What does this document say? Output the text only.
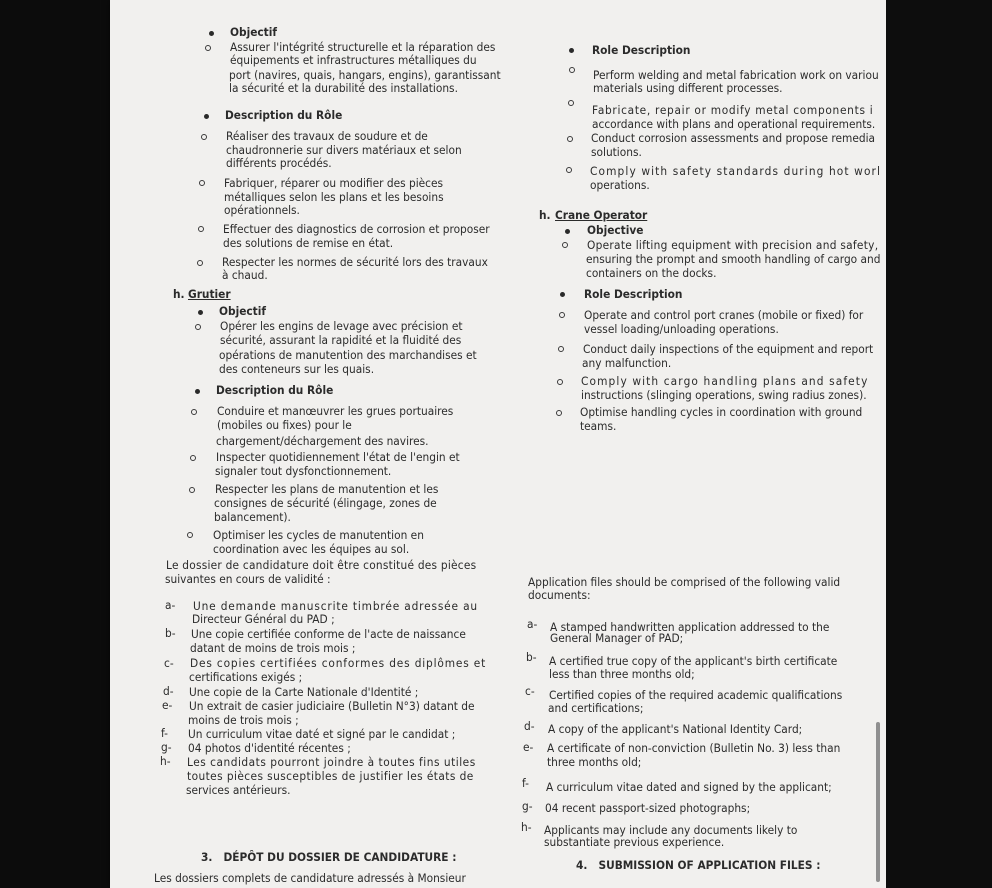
Objectif
Assurer l'intégrité structurelle et la réparation des
équipements et infrastructures métalliques du
port (navires, quais, hangars, engins), garantissant
la sécurité et la durabilité des installations.
Description du Rôle
Réaliser des travaux de soudure et de
chaudronnerie sur divers matériaux et selon
différents procédés.
Fabriquer, réparer ou modifier des pièces
métalliques selon les plans et les besoins
opérationnels.
Effectuer des diagnostics de corrosion et proposer
des solutions de remise en état.
Respecter les normes de sécurité lors des travaux
à chaud.
h. Grutier
Objectif
Opérer les engins de levage avec précision et
sécurité, assurant la rapidité et la fluidité des
opérations de manutention des marchandises et
des conteneurs sur les quais.
Description du Rôle
Conduire et manœuvrer les grues portuaires
(mobiles ou fixes) pour le
chargement/déchargement des navires.
Inspecter quotidiennement l'état de l'engin et
signaler tout dysfonctionnement.
Respecter les plans de manutention et les
consignes de sécurité (élingage, zones de
balancement).
Optimiser les cycles de manutention en
coordination avec les équipes au sol.
Le dossier de candidature doit être constitué des pièces
suivantes en cours de validité :
a- Une demande manuscrite timbrée adressée au
Directeur Général du PAD ;
b- Une copie certifiée conforme de l'acte de naissance
datant de moins de trois mois ;
c- Des copies certifiées conformes des diplômes et
certifications exigés ;
d- Une copie de la Carte Nationale d'Identité ;
e- Un extrait de casier judiciaire (Bulletin N°3) datant de
moins de trois mois ;
f- Un curriculum vitae daté et signé par le candidat ;
g- 04 photos d'identité récentes ;
h- Les candidats pourront joindre à toutes fins utiles
toutes pièces susceptibles de justifier les états de
services antérieurs.
3.   DÉPÔT DU DOSSIER DE CANDIDATURE :
Les dossiers complets de candidature adressés à Monsieur
Role Description
Perform welding and metal fabrication work on variou
materials using different processes.
Fabricate, repair or modify metal components i
accordance with plans and operational requirements.
Conduct corrosion assessments and propose remedia
solutions.
Comply with safety standards during hot worl
operations.
h. Crane Operator
Objective
Operate lifting equipment with precision and safety,
ensuring the prompt and smooth handling of cargo and
containers on the docks.
Role Description
Operate and control port cranes (mobile or fixed) for
vessel loading/unloading operations.
Conduct daily inspections of the equipment and report
any malfunction.
Comply with cargo handling plans and safety
instructions (slinging operations, swing radius zones).
Optimise handling cycles in coordination with ground
teams.
Application files should be comprised of the following valid
documents:
a- A stamped handwritten application addressed to the
General Manager of PAD;
b- A certified true copy of the applicant's birth certificate
less than three months old;
c- Certified copies of the required academic qualifications
and certifications;
d- A copy of the applicant's National Identity Card;
e- A certificate of non-conviction (Bulletin No. 3) less than
three months old;
f- A curriculum vitae dated and signed by the applicant;
g- 04 recent passport-sized photographs;
h- Applicants may include any documents likely to
substantiate previous experience.
4.   SUBMISSION OF APPLICATION FILES :
